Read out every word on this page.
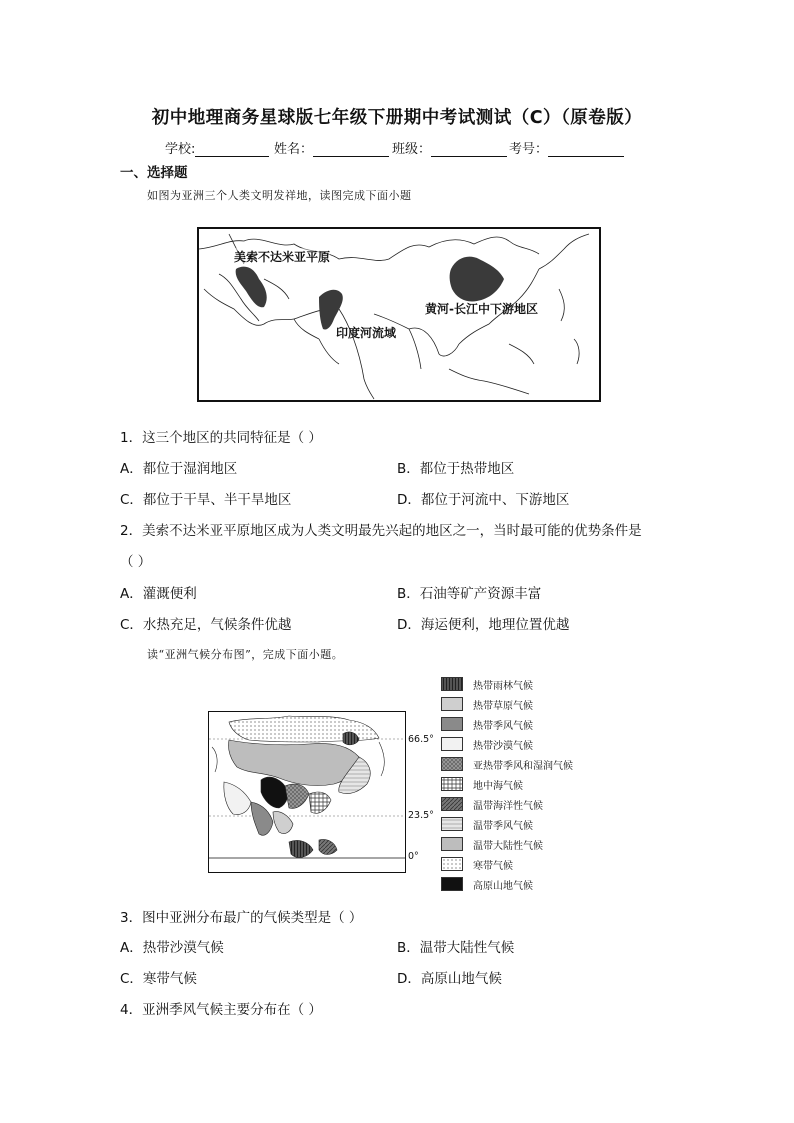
初中地理商务星球版七年级下册期中考试测试（C）（原卷版）
学校:	姓名：	班级：	考号：
一、选择题
如图为亚洲三个人类文明发祥地，读图完成下面小题
美索不达米亚平原
印度河流域
黄河-长江中下游地区
1．这三个地区的共同特征是（ ）
A．都位于湿润地区	B．都位于热带地区
C．都位于干旱、半干旱地区	D．都位于河流中、下游地区
2．美索不达米亚平原地区成为人类文明最先兴起的地区之一，当时最可能的优势条件是
（ ）
A．灌溉便利	B．石油等矿产资源丰富
C．水热充足，气候条件优越	D．海运便利，地理位置优越
读“亚洲气候分布图”，完成下面小题。
66.5°
23.5°
0°
热带雨林气候
热带草原气候
热带季风气候
热带沙漠气候
亚热带季风和湿润气候
地中海气候
温带海洋性气候
温带季风气候
温带大陆性气候
寒带气候
高原山地气候
3．图中亚洲分布最广的气候类型是（ ）
A．热带沙漠气候	B．温带大陆性气候
C．寒带气候	D．高原山地气候
4．亚洲季风气候主要分布在（ ）
